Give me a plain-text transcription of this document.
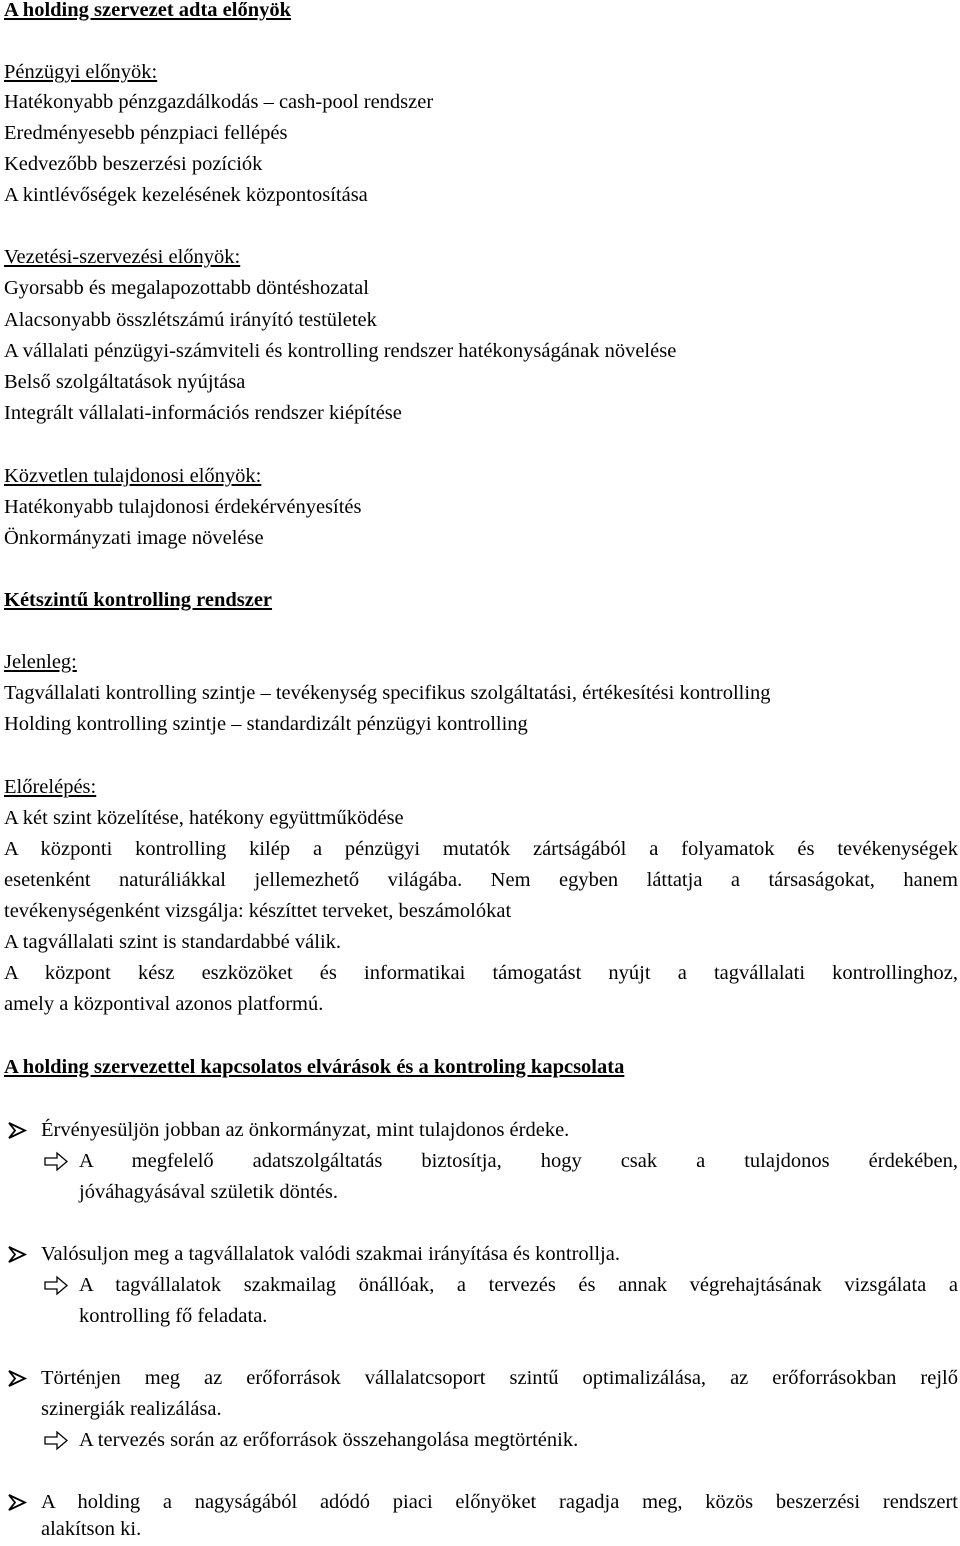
A holding szervezet adta előnyök
Pénzügyi előnyök:
Hatékonyabb pénzgazdálkodás – cash-pool rendszer
Eredményesebb pénzpiaci fellépés
Kedvezőbb beszerzési pozíciók
A kintlévőségek kezelésének központosítása
Vezetési-szervezési előnyök:
Gyorsabb és megalapozottabb döntéshozatal
Alacsonyabb összlétszámú irányító testületek
A vállalati pénzügyi-számviteli és kontrolling rendszer hatékonyságának növelése
Belső szolgáltatások nyújtása
Integrált vállalati-információs rendszer kiépítése
Közvetlen tulajdonosi előnyök:
Hatékonyabb tulajdonosi érdekérvényesítés
Önkormányzati image növelése
Kétszintű kontrolling rendszer
Jelenleg:
Tagvállalati kontrolling szintje – tevékenység specifikus szolgáltatási, értékesítési kontrolling
Holding kontrolling szintje – standardizált pénzügyi kontrolling
Előrelépés:
A két szint közelítése, hatékony együttműködése
A központi kontrolling kilép a pénzügyi mutatók zártságából a folyamatok és tevékenységek
esetenként naturáliákkal jellemezhető világába. Nem egyben láttatja a társaságokat, hanem
tevékenységenként vizsgálja: készíttet terveket, beszámolókat
A tagvállalati szint is standardabbé válik.
A központ kész eszközöket és informatikai támogatást nyújt a tagvállalati kontrollinghoz,
amely a központival azonos platformú.
A holding szervezettel kapcsolatos elvárások és a kontroling kapcsolata
Érvényesüljön jobban az önkormányzat, mint tulajdonos érdeke.
A megfelelő adatszolgáltatás biztosítja, hogy csak a tulajdonos érdekében,
jóváhagyásával születik döntés.
Valósuljon meg a tagvállalatok valódi szakmai irányítása és kontrollja.
A tagvállalatok szakmailag önállóak, a tervezés és annak végrehajtásának vizsgálata a
kontrolling fő feladata.
Történjen meg az erőforrások vállalatcsoport szintű optimalizálása, az erőforrásokban rejlő
szinergiák realizálása.
A tervezés során az erőforrások összehangolása megtörténik.
A holding a nagyságából adódó piaci előnyöket ragadja meg, közös beszerzési rendszert
alakítson ki.
